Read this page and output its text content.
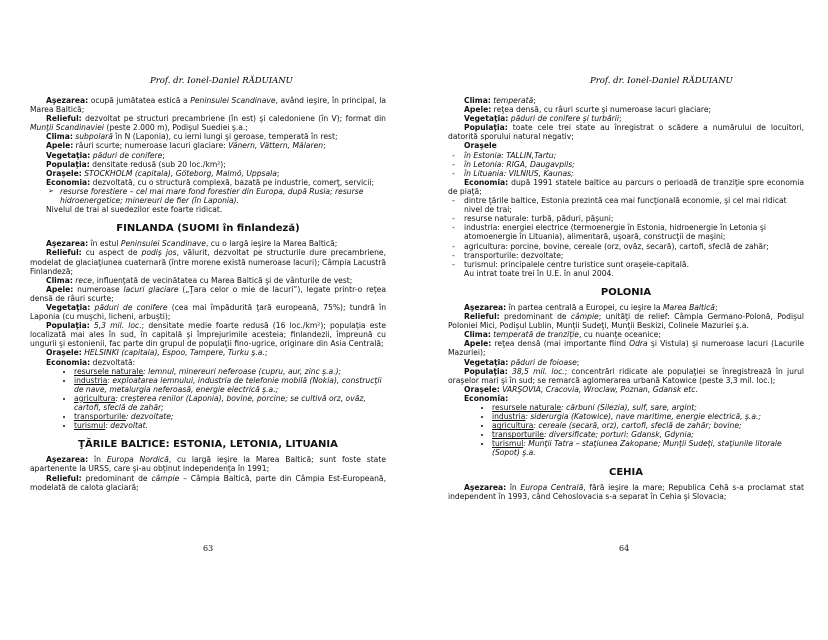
Prof. dr. Ionel-Daniel RĂDUIANU

Aşezarea: ocupă jumătatea estică a Peninsulei Scandinave, având ieşire, în principal, la Marea Baltică;

Relieful: dezvoltat pe structuri precambriene (în est) şi caledoniene (în V); format din Munţii Scandinaviei (peste 2.000 m), Podişul Suediei ş.a.;

Clima: subpolară în N (Laponia), cu ierni lungi şi geroase, temperată în rest;

Apele: râuri scurte; numeroase lacuri glaciare: Vänern, Vättern, Mälaren;

Vegetaţia: păduri de conifere;

Populaţia: densitate redusă (sub 20 loc./km²);

Oraşele: STOCKHOLM (capitala), Göteborg, Malmö, Uppsala;

Economia: dezvoltată, cu o structură complexă, bazată pe industrie, comerţ, servicii;

➢ resurse forestiere – cel mai mare fond forestier din Europa, după Rusia; resurse hidroenergetice; minereuri de fier (în Laponia).

Nivelul de trai al suedezilor este foarte ridicat.

FINLANDA (SUOMI în finlandeză)

Aşezarea: în estul Peninsulei Scandinave, cu o largă ieşire la Marea Baltică;

Relieful: cu aspect de podiş jos, vălurit, dezvoltat pe structurile dure precambriene, modelat de glaciaţiunea cuaternară (între morene există numeroase lacuri); Câmpia Lacustră Finlandeză;

Clima: rece, influenţată de vecinătatea cu Marea Baltică şi de vânturile de vest;

Apele: numeroase lacuri glaciare („Ţara celor o mie de lacuri”), legate printr-o reţea densă de râuri scurte;

Vegetaţia: păduri de conifere (cea mai împădurită ţară europeană, 75%); tundră în Laponia (cu muşchi, licheni, arbuşti);

Populaţia: 5,3 mil. loc.; densitate medie foarte redusă (16 loc./km²); populaţia este localizată mai ales în sud, în capitală şi împrejurimile acesteia; finlandezii, împreună cu ungurii şi estonienii, fac parte din grupul de populaţii fino-ugrice, originare din Asia Centrală;

Oraşele: HELSINKI (capitala), Espoo, Tampere, Turku ş.a.;

Economia: dezvoltată:

• resursele naturale: lemnul, minereuri neferoase (cupru, aur, zinc ş.a.);
• industria: exploatarea lemnului, industria de telefonie mobilă (Nokia), construcţii de nave, metalurgia neferoasă, energie electrică ş.a.;
• agricultura: creşterea renilor (Laponia), bovine, porcine; se cultivă orz, ovăz, cartofi, sfeclă de zahăr;
• transporturile: dezvoltate;
• turismul: dezvoltat.
ŢĂRILE BALTICE: ESTONIA, LETONIA, LITUANIA

Aşezarea: în Europa Nordică, cu largă ieşire la Marea Baltică; sunt foste state apartenente la URSS, care şi-au obţinut independenţa în 1991;

Relieful: predominant de câmpie – Câmpia Baltică, parte din Câmpia Est-Europeană, modelată de calota glaciară;

63
Prof. dr. Ionel-Daniel RĂDUIANU

Clima: temperată;

Apele: reţea densă, cu râuri scurte şi numeroase lacuri glaciare;

Vegetaţia: păduri de conifere şi turbării;

Populaţia: toate cele trei state au înregistrat o scădere a numărului de locuitori, datorită sporului natural negativ;

Oraşele

- în Estonia: TALLIN,Tartu;
- în Letonia: RIGA, Daugavpils;
- în Lituania: VILNIUS, Kaunas;

Economia: după 1991 statele baltice au parcurs o perioadă de tranziţie spre economia de piaţă;

- dintre ţările baltice, Estonia prezintă cea mai funcţională economie, şi cel mai ridicat nivel de trai;
- resurse naturale: turbă, păduri, păşuni;
- industria: energiei electrice (termoenergie în Estonia, hidroenergie în Letonia şi atomoenergie în Lituania), alimentară, uşoară, construcţii de maşini;
- agricultura: porcine, bovine, cereale (orz, ovăz, secară), cartofi, sfeclă de zahăr;
- transporturile: dezvoltate;
- turismul: principalele centre turistice sunt oraşele-capitală.

Au intrat toate trei în U.E. în anul 2004.

POLONIA

Aşezarea: în partea centrală a Europei, cu ieşire la Marea Baltică;

Relieful: predominant de câmpie; unităţi de relief: Câmpia Germano-Polonă, Podişul Poloniei Mici, Podişul Lublin, Munţii Sudeţi, Munţii Beskizi, Colinele Mazuriei ş.a.

Clima: temperată de tranziţie, cu nuanţe oceanice;

Apele: reţea densă (mai importante fiind Odra şi Vistula) şi numeroase lacuri (Lacurile Mazuriei);

Vegetaţia: păduri de foioase;

Populaţia: 38,5 mil. loc.; concentrări ridicate ale populaţiei se înregistrează în jurul oraşelor mari şi în sud; se remarcă aglomerarea urbană Katowice (peste 3,3 mil. loc.);

Oraşele: VARŞOVIA, Cracovia, Wroclaw, Poznan, Gdansk etc.

Economia:

• resursele naturale: cărbuni (Silezia), sulf, sare, argint;
• industria: siderurgia (Katowice), nave maritime, energie electrică, ş.a.;
• agricultura: cereale (secară, orz), cartofi, sfeclă de zahăr; bovine;
• transporturile: diversificate; porturi: Gdansk, Gdynia;
• turismul: Munţii Tatra – staţiunea Zakopane; Munţii Sudeţi, staţiunile litorale (Sopot) ş.a.
CEHIA

Aşezarea: în Europa Centrală, fără ieşire la mare; Republica Cehă s-a proclamat stat independent în 1993, când Cehoslovacia s-a separat în Cehia şi Slovacia;

64
